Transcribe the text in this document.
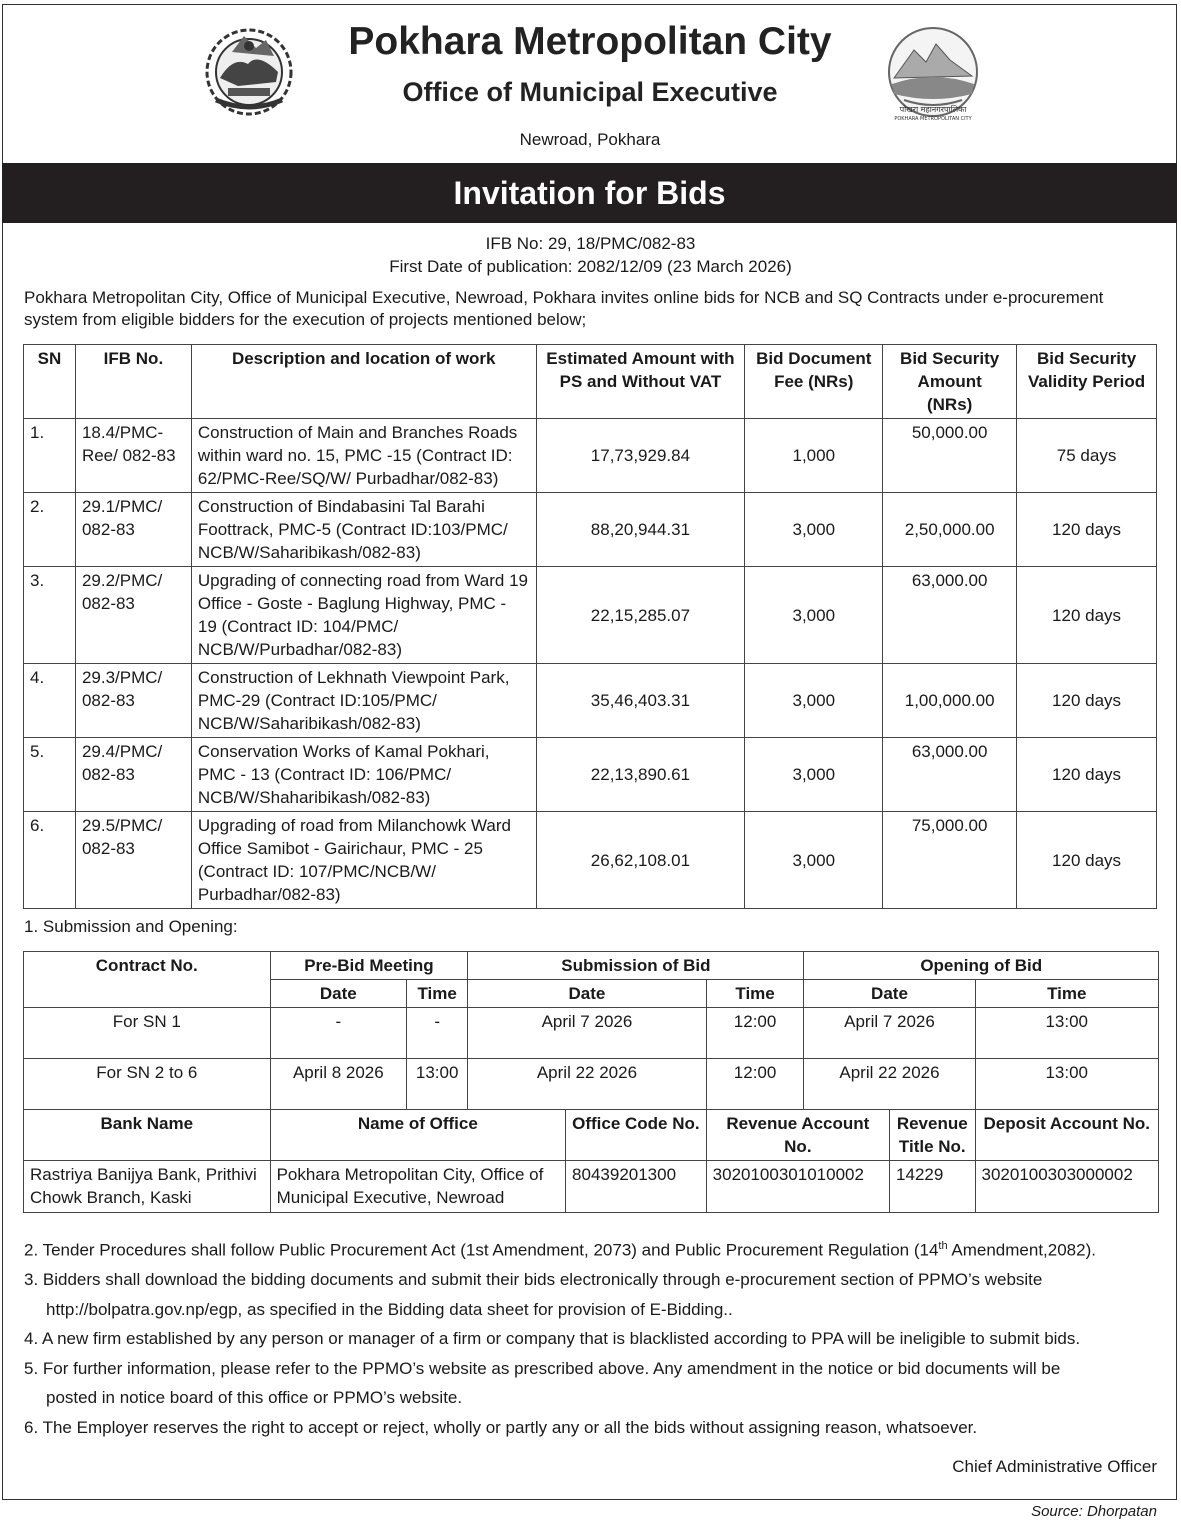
Pokhara Metropolitan City
Office of Municipal Executive
Newroad, Pokhara
पोखरा महानगरपालिका
POKHARA METROPOLITAN CITY
Invitation for Bids
IFB No: 29, 18/PMC/082-83
First Date of publication: 2082/12/09 (23 March 2026)
Pokhara Metropolitan City, Office of Municipal Executive, Newroad, Pokhara invites online bids for NCB and SQ Contracts under e-procurement system from eligible bidders for the execution of projects mentioned below;
SN	IFB No.	Description and location of work	Estimated Amount with PS and Without VAT	Bid Document Fee (NRs)	Bid Security Amount   (NRs)	Bid Security Validity Period
1.	18.4/PMC-Ree/ 082-83	Construction of Main and Branches Roads within ward no. 15, PMC -15 (Contract ID: 62/PMC-Ree/SQ/W/ Purbadhar/082-83)	17,73,929.84	1,000	50,000.00	75 days
2.	29.1/PMC/ 082-83	Construction of Bindabasini Tal Barahi Foottrack, PMC-5 (Contract ID:103/PMC/ NCB/W/Saharibikash/082-83)	88,20,944.31	3,000	2,50,000.00	120 days
3.	29.2/PMC/ 082-83	Upgrading of connecting road from Ward 19 Office - Goste - Baglung Highway, PMC - 19 (Contract ID: 104/PMC/ NCB/W/Purbadhar/082-83)	22,15,285.07	3,000	63,000.00	120 days
4.	29.3/PMC/ 082-83	Construction of Lekhnath Viewpoint Park, PMC-29 (Contract ID:105/PMC/ NCB/W/Saharibikash/082-83)	35,46,403.31	3,000	1,00,000.00	120 days
5.	29.4/PMC/ 082-83	Conservation Works of Kamal Pokhari, PMC - 13 (Contract ID: 106/PMC/ NCB/W/Shaharibikash/082-83)	22,13,890.61	3,000	63,000.00	120 days
6.	29.5/PMC/ 082-83	Upgrading of road from Milanchowk Ward Office Samibot - Gairichaur, PMC - 25 (Contract ID: 107/PMC/NCB/W/ Purbadhar/082-83)	26,62,108.01	3,000	75,000.00	120 days
1. Submission and Opening:
Contract No.	Pre-Bid Meeting		Submission of Bid			Opening of Bid		
	Date	Time	Date		Time	Date		Time
For SN 1	-	-	April 7 2026		12:00	April 7 2026		13:00
For SN 2 to 6	April 8 2026	13:00	April 22 2026		12:00	April 22 2026		13:00
Bank Name	Name of Office			Office Code No.	Revenue Account No.		Revenue Title No.	Deposit Account No.
Rastriya Banijya Bank, Prithivi Chowk Branch, Kaski	Pokhara Metropolitan City, Office of Municipal Executive, Newroad			80439201300	3020100301010002		14229	3020100303000002
2. Tender Procedures shall follow Public Procurement Act (1st Amendment, 2073) and Public Procurement Regulation (14th Amendment,2082).
3. Bidders shall download the bidding documents and submit their bids electronically through e-procurement section of PPMO’s website
http://bolpatra.gov.np/egp, as specified in the Bidding data sheet for provision of E-Bidding..
4. A new firm established by any person or manager of a firm or company that is blacklisted according to PPA will be ineligible to submit bids.
5. For further information, please refer to the PPMO’s website as prescribed above. Any amendment in the notice or bid documents will be
posted in notice board of this office or PPMO’s website.
6. The Employer reserves the right to accept or reject, wholly or partly any or all the bids without assigning reason, whatsoever.
Chief Administrative Officer
Source: Dhorpatan
